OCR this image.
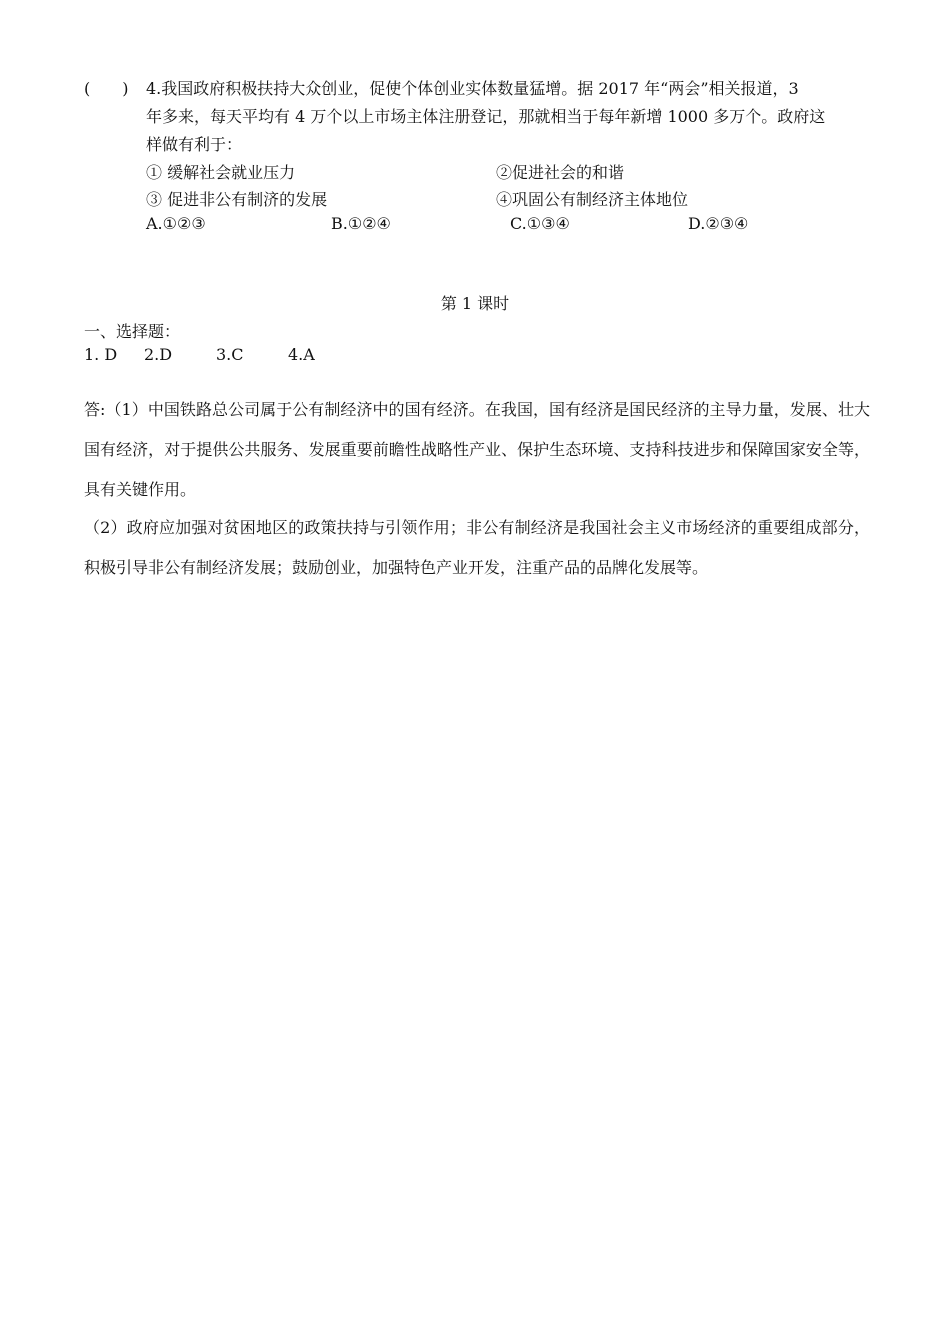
(　　) 4.我国政府积极扶持大众创业，促使个体创业实体数量猛增。据 2017 年“两会”相关报道，3
年多来，每天平均有 4 万个以上市场主体注册登记，那就相当于每年新增 1000 多万个。政府这
样做有利于：
① 缓解社会就业压力	②促进社会的和谐
③ 促进非公有制济的发展	④巩固公有制经济主体地位
A.①②③	B.①②④	C.①③④	D.②③④
第 1 课时
一、选择题：
1. D 2.D	3.C	4.A
答:（1）中国铁路总公司属于公有制经济中的国有经济。在我国，国有经济是国民经济的主导力量，发展、壮大国有经济，对于提供公共服务、发展重要前瞻性战略性产业、保护生态环境、支持科技进步和保障国家安全等，具有关键作用。
（2）政府应加强对贫困地区的政策扶持与引领作用；非公有制经济是我国社会主义市场经济的重要组成部分，积极引导非公有制经济发展；鼓励创业，加强特色产业开发，注重产品的品牌化发展等。
